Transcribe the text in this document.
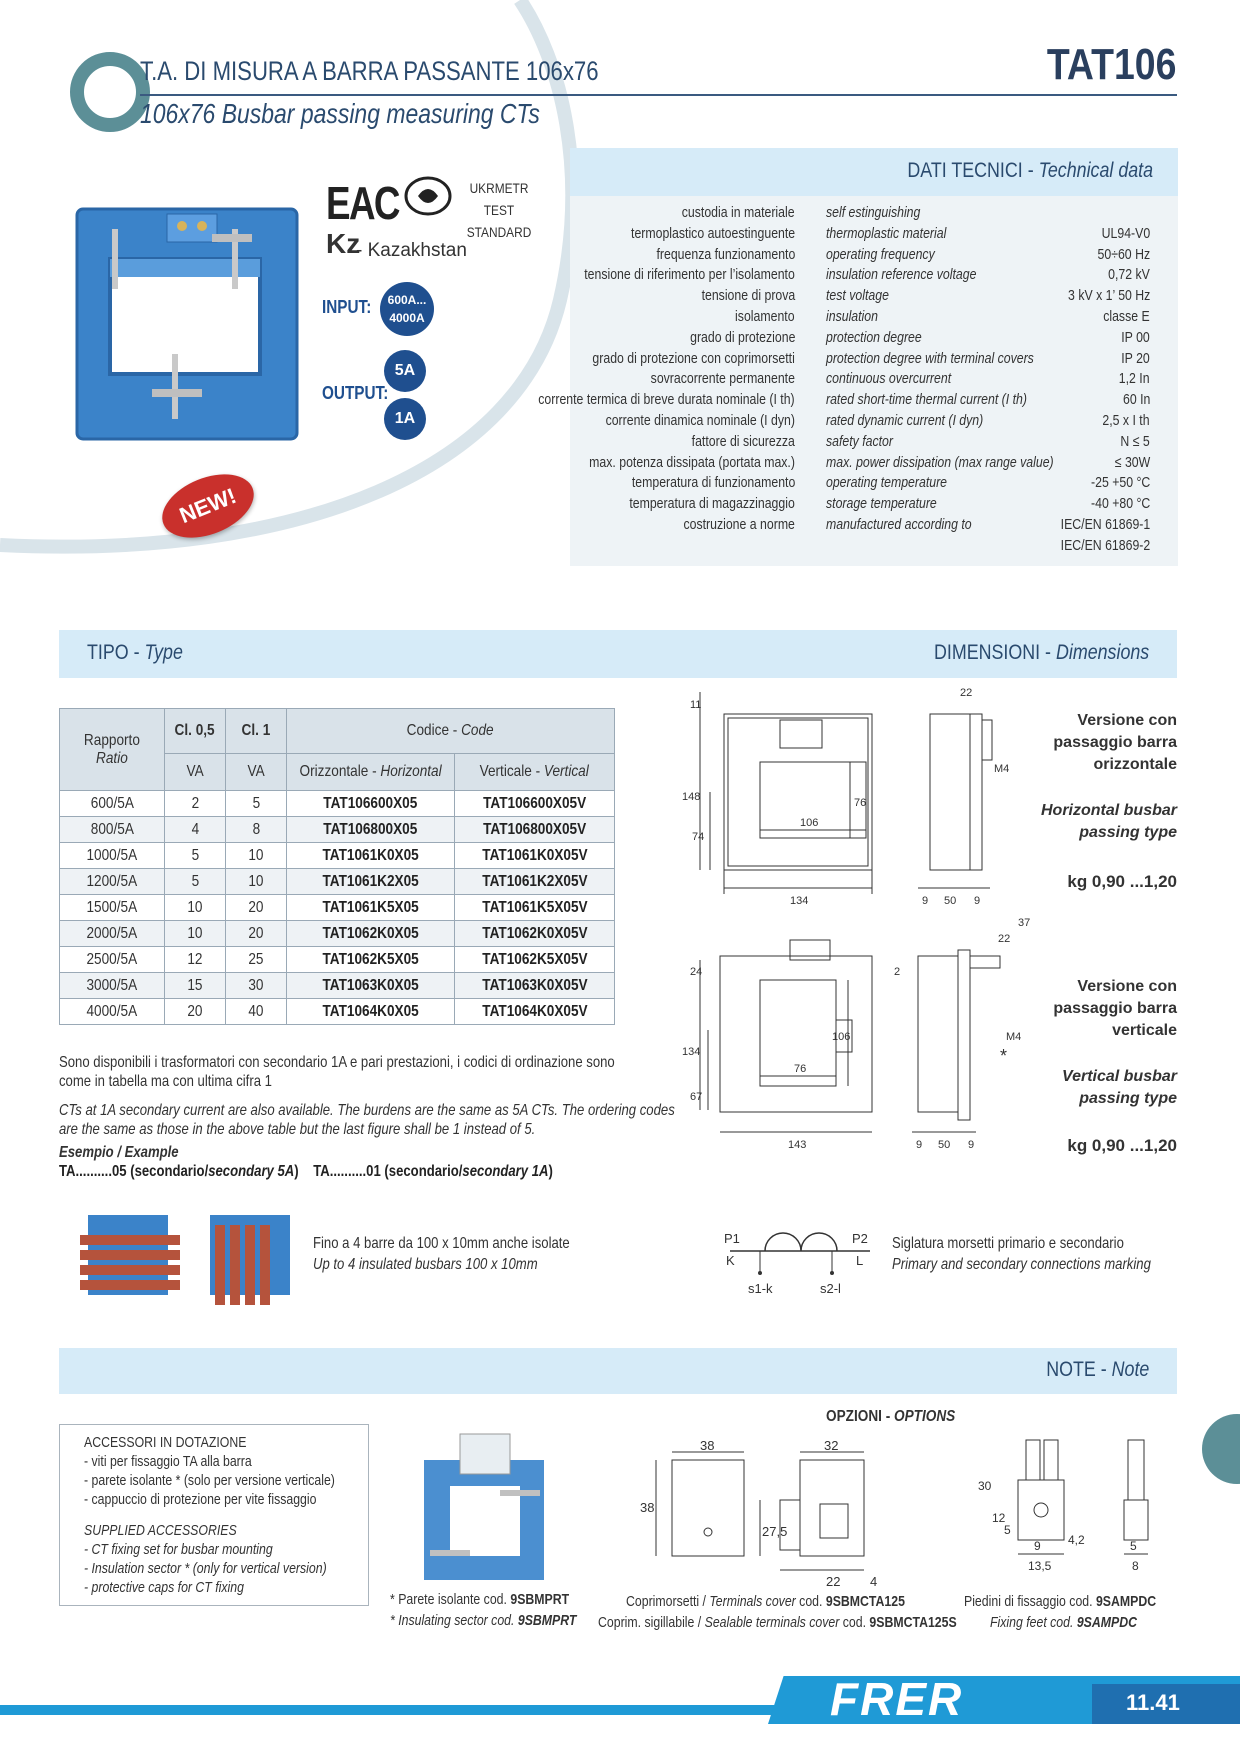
T.A. DI MISURA A BARRA PASSANTE 106x76
106x76 Busbar passing measuring CTs
TAT106
NEW!
EAC	UKRMETR TEST STANDARD
Kz
- Kazakhstan
INPUT:	600A... 4000A
OUTPUT:
5A
1A
DATI TECNICI - Technical data
custodia in materiale self estinguishing
termoplastico autoestinguente thermoplastic material	UL94-V0
frequenza funzionamento operating frequency	50÷60 Hz
tensione di riferimento per l’isolamento insulation reference voltage	0,72 kV
tensione di prova test voltage	3 kV x 1’ 50 Hz
isolamento insulation	classe E
grado di protezione protection degree	IP 00
grado di protezione con coprimorsetti protection degree with terminal covers	IP 20
sovracorrente permanente continuous overcurrent	1,2 In
corrente termica di breve durata nominale (I th) rated short-time thermal current (I th)	60 In
corrente dinamica nominale (I dyn) rated dynamic current (I dyn)	2,5 x I th
fattore di sicurezza safety factor	N ≤ 5
max. potenza dissipata (portata max.) max. power dissipation (max range value)	≤ 30W
temperatura di funzionamento operating temperature	-25 +50 °C
temperatura di magazzinaggio storage temperature	-40 +80 °C
costruzione a norme manufactured according to	IEC/EN 61869-1
IEC/EN 61869-2
TIPO - Type	DIMENSIONI - Dimensions
Rapporto
Ratio	Cl. 0,5	Cl. 1	Codice - Code	
	VA	VA	Orizzontale - Horizontal	Verticale - Vertical
600/5A	2	5	TAT106600X05	TAT106600X05V
800/5A	4	8	TAT106800X05	TAT106800X05V
1000/5A	5	10	TAT1061K0X05	TAT1061K0X05V
1200/5A	5	10	TAT1061K2X05	TAT1061K2X05V
1500/5A	10	20	TAT1061K5X05	TAT1061K5X05V
2000/5A	10	20	TAT1062K0X05	TAT1062K0X05V
2500/5A	12	25	TAT1062K5X05	TAT1062K5X05V
3000/5A	15	30	TAT1063K0X05	TAT1063K0X05V
4000/5A	20	40	TAT1064K0X05	TAT1064K0X05V
Sono disponibili i trasformatori con secondario 1A e pari prestazioni, i codici di ordinazione sono
come in tabella ma con ultima cifra 1
CTs at 1A secondary current are also available. The burdens are the same as 5A CTs. The ordering codes
are the same as those in the above table but the last figure shall be 1 instead of 5.
Esempio / Example
TA..........05 (secondario/secondary 5A) TA..........01 (secondario/secondary 1A)
11
148
74
106
76
134
22
M4
9 50 9
24	2
134
67
106
76
143
37
22
M4
*
9 50 9
Versione con
passaggio barra
orizzontale
Horizontal busbar
passing type
kg 0,90 ...1,20
Versione con
passaggio barra
verticale
Vertical busbar
passing type
kg 0,90 ...1,20
Fino a 4 barre da 100 x 10mm anche isolate
Up to 4 insulated busbars 100 x 10mm
P1	P2
K	L
s1-k	s2-l
Siglatura morsetti primario e secondario
Primary and secondary connections marking
NOTE - Note
ACCESSORI IN DOTAZIONE
- viti per fissaggio TA alla barra
- parete isolante * (solo per versione verticale)
- cappuccio di protezione per vite fissaggio
SUPPLIED ACCESSORIES
- CT fixing set for busbar mounting
- Insulation sector * (only for vertical version)
- protective caps for CT fixing
* Parete isolante cod. 9SBMPRT
* Insulating sector cod. 9SBMPRT
OPZIONI - OPTIONS
38	32
38
27,5
22 4
30
12
5
4,2
9
13,5
5
8
Coprimorsetti / Terminals cover cod. 9SBMCTA125
Coprim. sigillabile / Sealable terminals cover cod. 9SBMCTA125S
Piedini di fissaggio cod. 9SAMPDC
Fixing feet cod. 9SAMPDC
FRER	11.41
